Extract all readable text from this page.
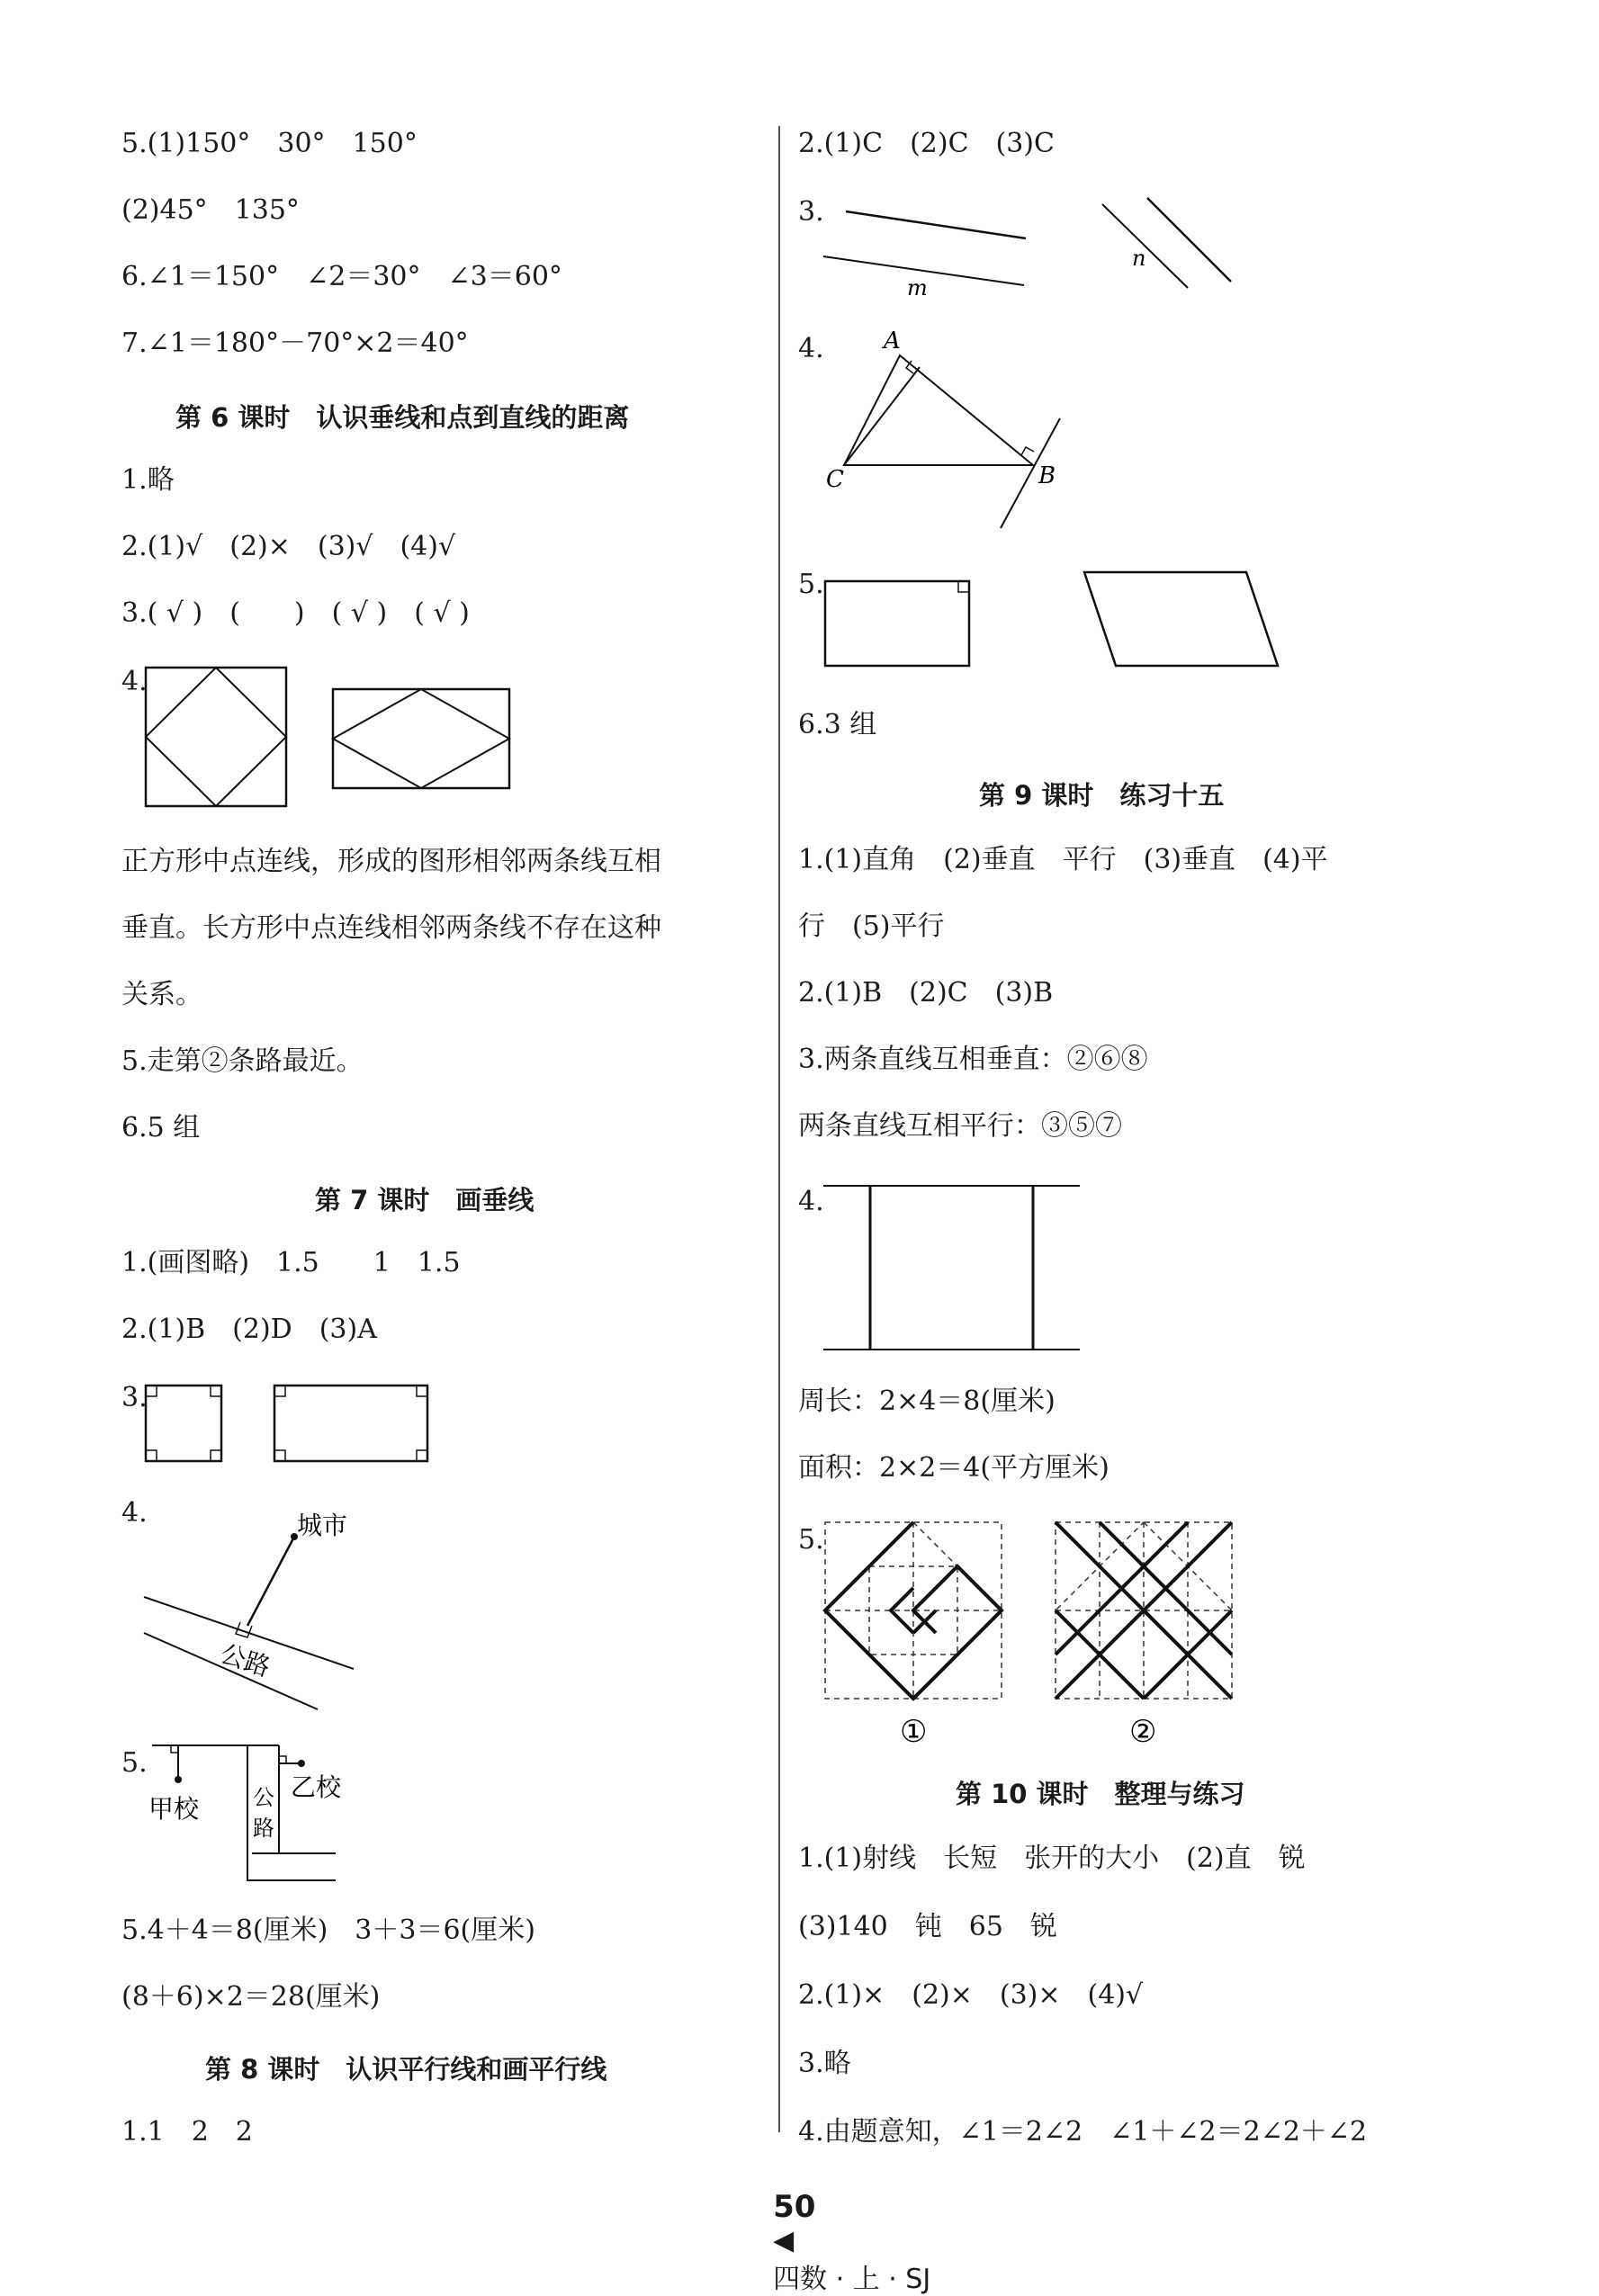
5.(1)150°　30°　150°
(2)45°　135°
6.∠1＝150°　∠2＝30°　∠3＝60°
7.∠1＝180°－70°×2＝40°
第 6 课时　认识垂线和点到直线的距离
1.略
2.(1)√　(2)×　(3)√　(4)√
3.( √ )　(　　)　( √ )　( √ )
4.
正方形中点连线，形成的图形相邻两条线互相
垂直。长方形中点连线相邻两条线不存在这种
关系。
5.走第②条路最近。
6.5 组
第 7 课时　画垂线
1.(画图略)　1.5　　1　1.5
2.(1)B　(2)D　(3)A
3.
4.	城市
公路
5.
甲校
乙校
公
路
5.4＋4＝8(厘米)　3＋3＝6(厘米)
(8＋6)×2＝28(厘米)
第 8 课时　认识平行线和画平行线
1.1　2　2
2.(1)C　(2)C　(3)C
3.
m
n
4.	A
B
C
5.
6.3 组
第 9 课时　练习十五
1.(1)直角　(2)垂直　平行　(3)垂直　(4)平
行　(5)平行
2.(1)B　(2)C　(3)B
3.两条直线互相垂直：②⑥⑧
两条直线互相平行：③⑤⑦
4.
周长：2×4＝8(厘米)
面积：2×2＝4(平方厘米)
5.
①	②
第 10 课时　整理与练习
1.(1)射线　长短　张开的大小　(2)直　锐
(3)140　钝　65　锐
2.(1)×　(2)×　(3)×　(4)√
3.略
4.由题意知，∠1＝2∠2　∠1＋∠2＝2∠2＋∠2

50
◀
四数 · 上 · SJ
